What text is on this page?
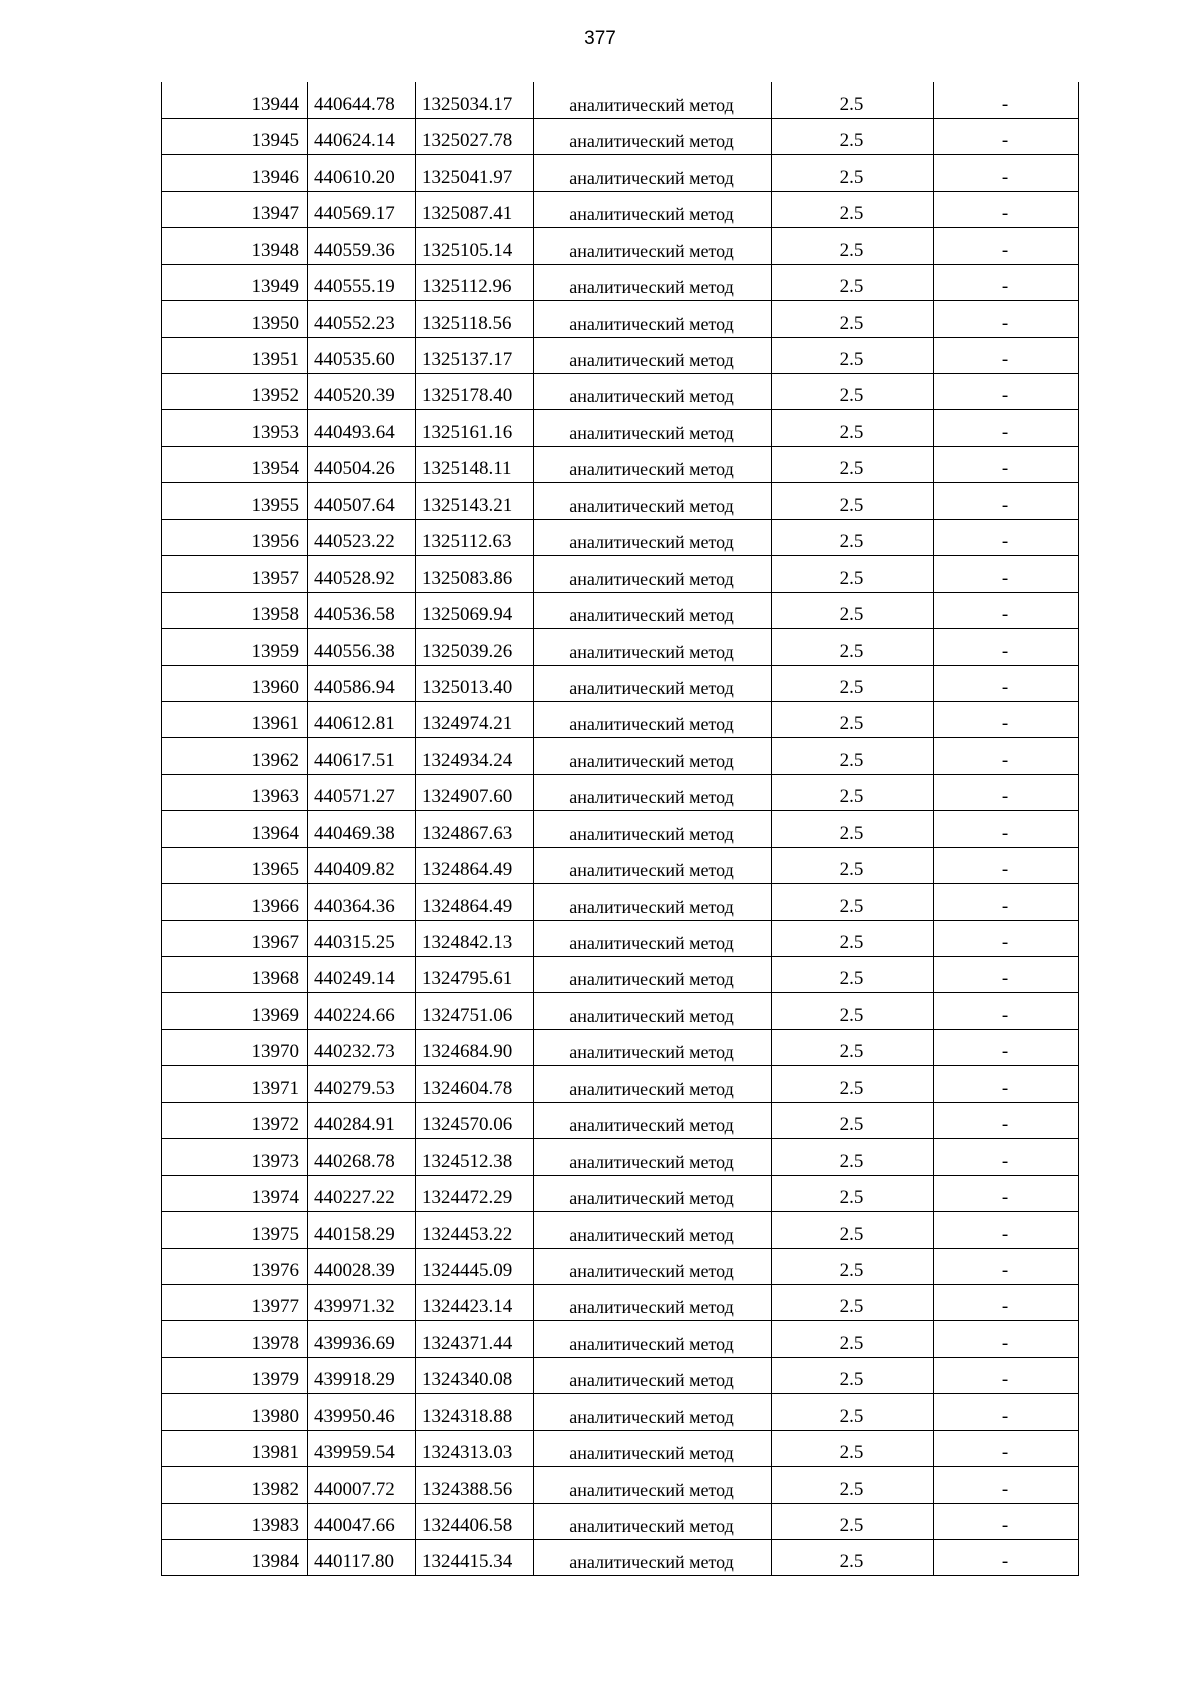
377
13944	440644.78	1325034.17	аналитический метод	2.5	-
13945	440624.14	1325027.78	аналитический метод	2.5	-
13946	440610.20	1325041.97	аналитический метод	2.5	-
13947	440569.17	1325087.41	аналитический метод	2.5	-
13948	440559.36	1325105.14	аналитический метод	2.5	-
13949	440555.19	1325112.96	аналитический метод	2.5	-
13950	440552.23	1325118.56	аналитический метод	2.5	-
13951	440535.60	1325137.17	аналитический метод	2.5	-
13952	440520.39	1325178.40	аналитический метод	2.5	-
13953	440493.64	1325161.16	аналитический метод	2.5	-
13954	440504.26	1325148.11	аналитический метод	2.5	-
13955	440507.64	1325143.21	аналитический метод	2.5	-
13956	440523.22	1325112.63	аналитический метод	2.5	-
13957	440528.92	1325083.86	аналитический метод	2.5	-
13958	440536.58	1325069.94	аналитический метод	2.5	-
13959	440556.38	1325039.26	аналитический метод	2.5	-
13960	440586.94	1325013.40	аналитический метод	2.5	-
13961	440612.81	1324974.21	аналитический метод	2.5	-
13962	440617.51	1324934.24	аналитический метод	2.5	-
13963	440571.27	1324907.60	аналитический метод	2.5	-
13964	440469.38	1324867.63	аналитический метод	2.5	-
13965	440409.82	1324864.49	аналитический метод	2.5	-
13966	440364.36	1324864.49	аналитический метод	2.5	-
13967	440315.25	1324842.13	аналитический метод	2.5	-
13968	440249.14	1324795.61	аналитический метод	2.5	-
13969	440224.66	1324751.06	аналитический метод	2.5	-
13970	440232.73	1324684.90	аналитический метод	2.5	-
13971	440279.53	1324604.78	аналитический метод	2.5	-
13972	440284.91	1324570.06	аналитический метод	2.5	-
13973	440268.78	1324512.38	аналитический метод	2.5	-
13974	440227.22	1324472.29	аналитический метод	2.5	-
13975	440158.29	1324453.22	аналитический метод	2.5	-
13976	440028.39	1324445.09	аналитический метод	2.5	-
13977	439971.32	1324423.14	аналитический метод	2.5	-
13978	439936.69	1324371.44	аналитический метод	2.5	-
13979	439918.29	1324340.08	аналитический метод	2.5	-
13980	439950.46	1324318.88	аналитический метод	2.5	-
13981	439959.54	1324313.03	аналитический метод	2.5	-
13982	440007.72	1324388.56	аналитический метод	2.5	-
13983	440047.66	1324406.58	аналитический метод	2.5	-
13984	440117.80	1324415.34	аналитический метод	2.5	-
